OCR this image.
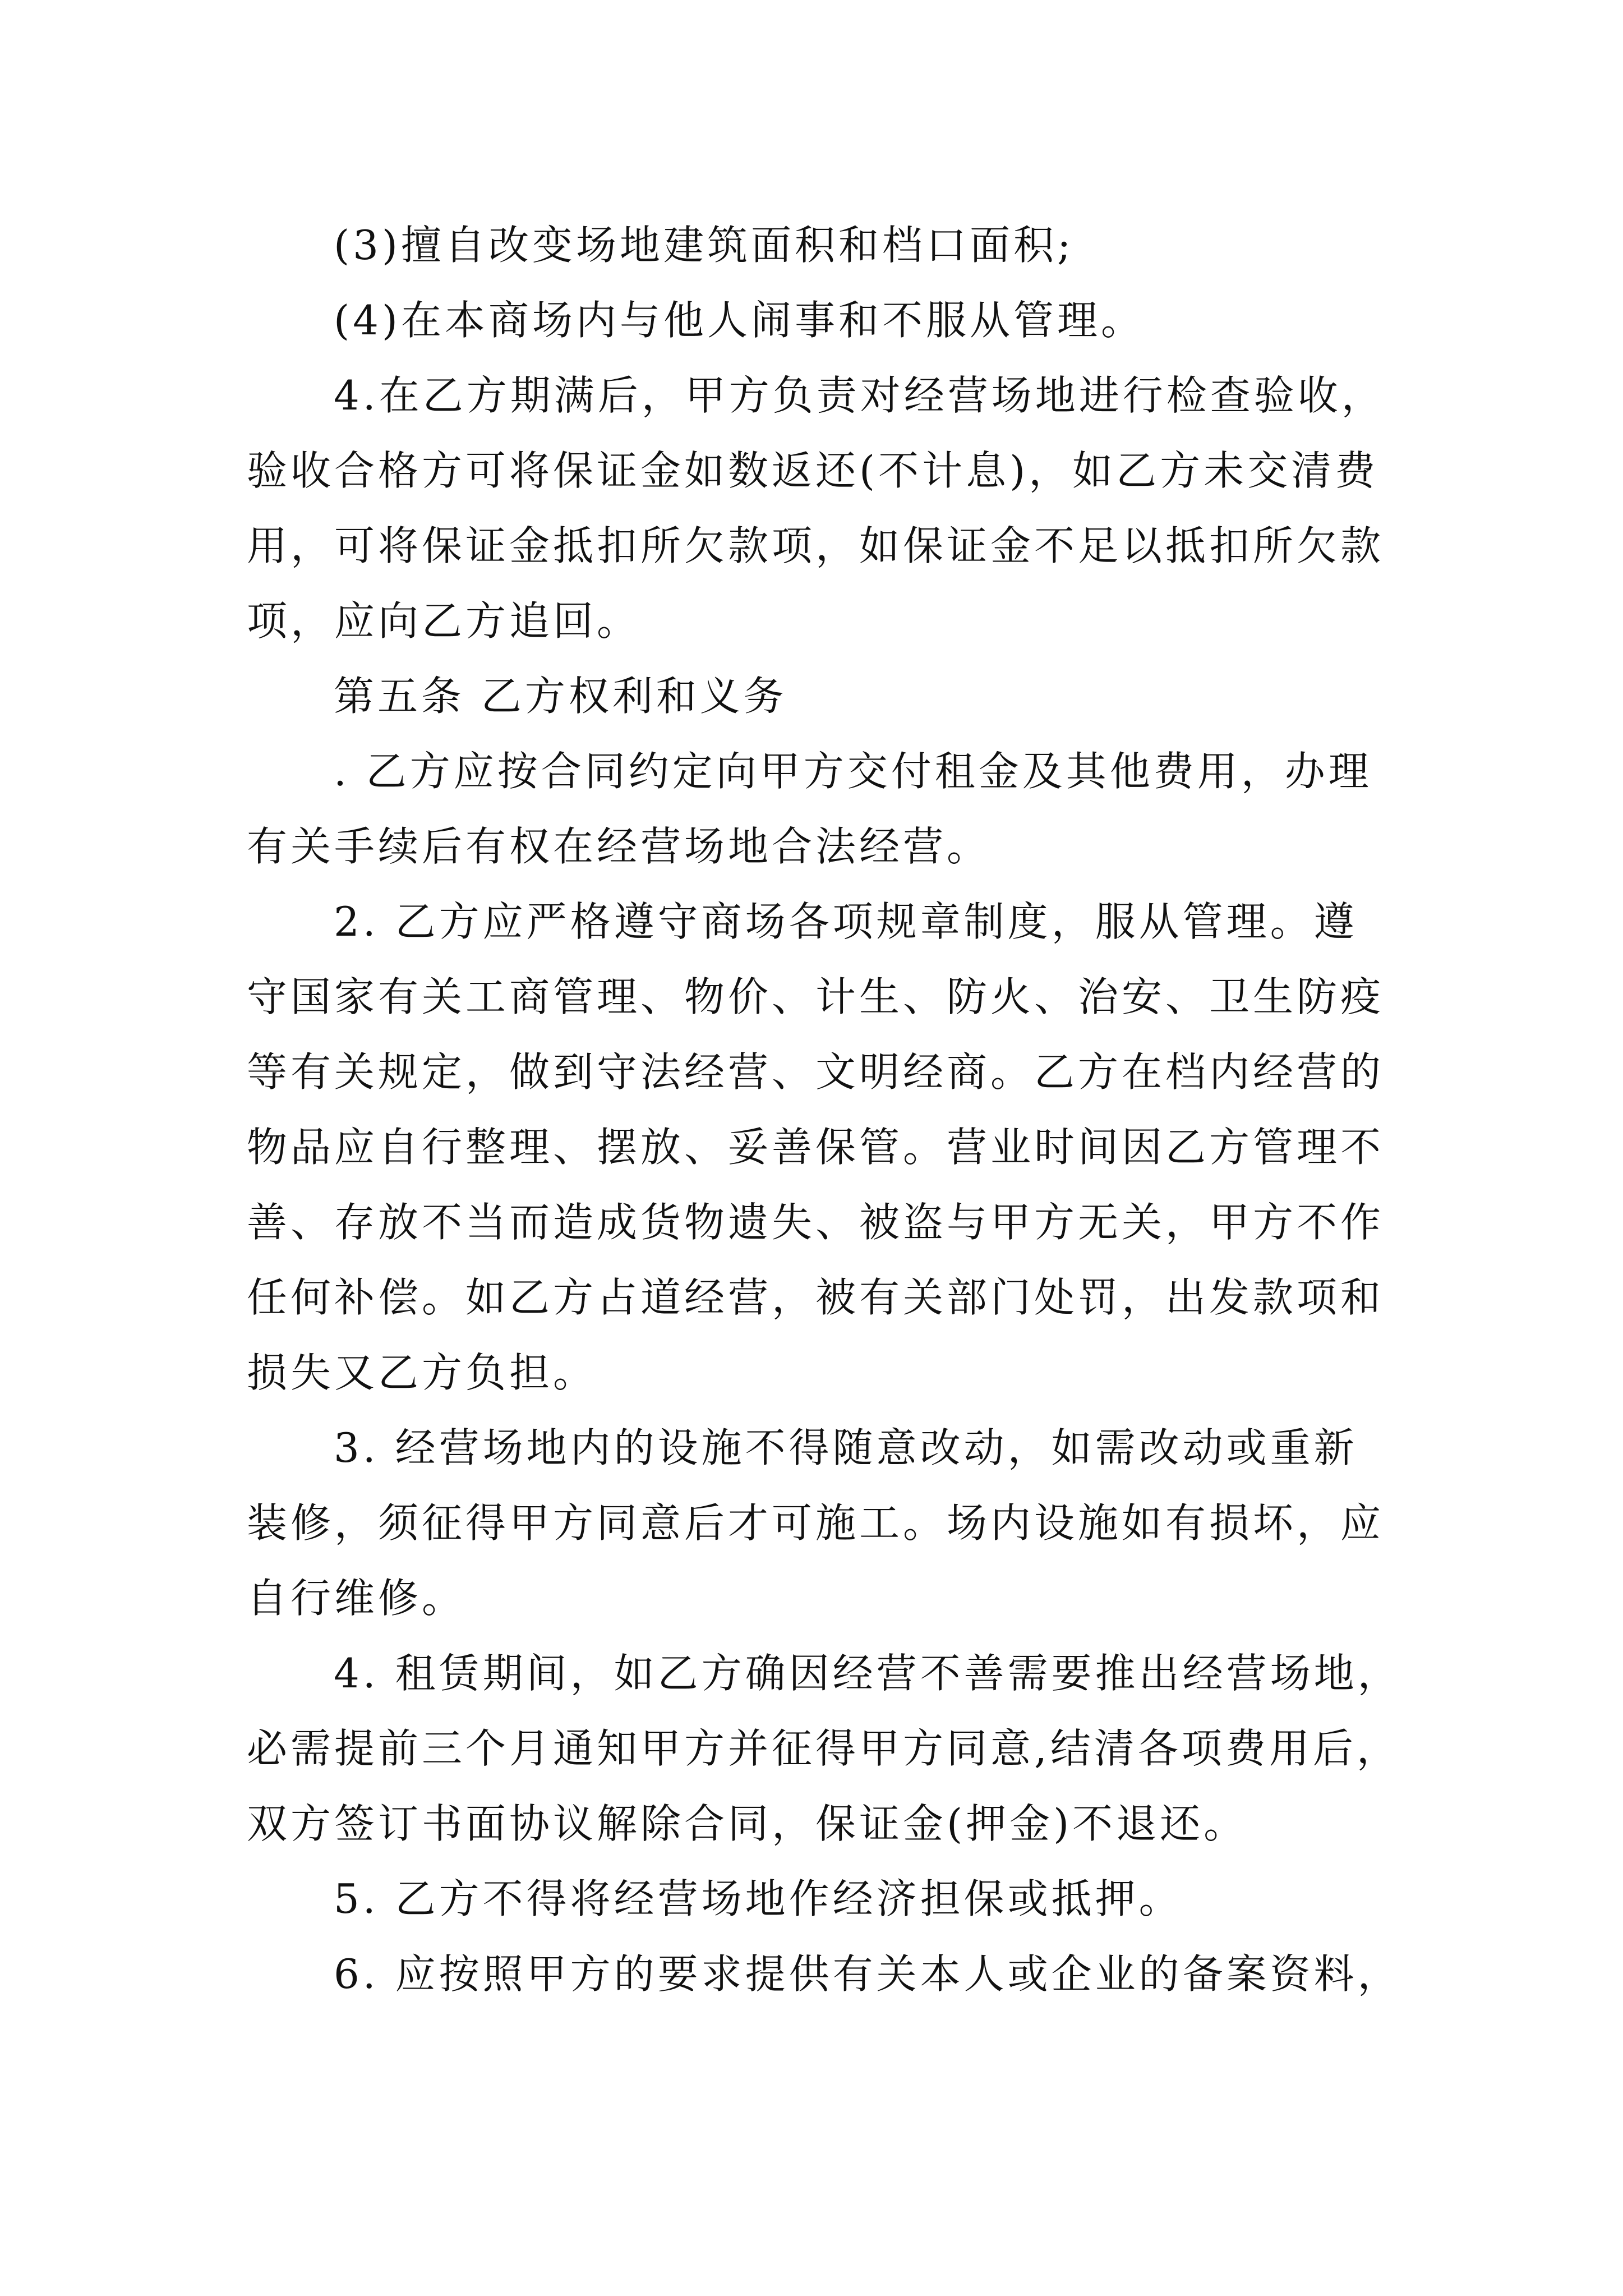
(3)擅自改变场地建筑面积和档口面积;
(4)在本商场内与他人闹事和不服从管理。
4.在乙方期满后，甲方负责对经营场地进行检查验收，
验收合格方可将保证金如数返还(不计息)，如乙方未交清费
用，可将保证金抵扣所欠款项，如保证金不足以抵扣所欠款
项，应向乙方追回。
第五条 乙方权利和义务
. 乙方应按合同约定向甲方交付租金及其他费用，办理
有关手续后有权在经营场地合法经营。
2. 乙方应严格遵守商场各项规章制度，服从管理。遵
守国家有关工商管理、物价、计生、防火、治安、卫生防疫
等有关规定，做到守法经营、文明经商。乙方在档内经营的
物品应自行整理、摆放、妥善保管。营业时间因乙方管理不
善、存放不当而造成货物遗失、被盗与甲方无关，甲方不作
任何补偿。如乙方占道经营，被有关部门处罚，出发款项和
损失又乙方负担。
3. 经营场地内的设施不得随意改动，如需改动或重新
装修，须征得甲方同意后才可施工。场内设施如有损坏，应
自行维修。
4. 租赁期间，如乙方确因经营不善需要推出经营场地，
必需提前三个月通知甲方并征得甲方同意,结清各项费用后，
双方签订书面协议解除合同，保证金(押金)不退还。
5. 乙方不得将经营场地作经济担保或抵押。
6. 应按照甲方的要求提供有关本人或企业的备案资料，
